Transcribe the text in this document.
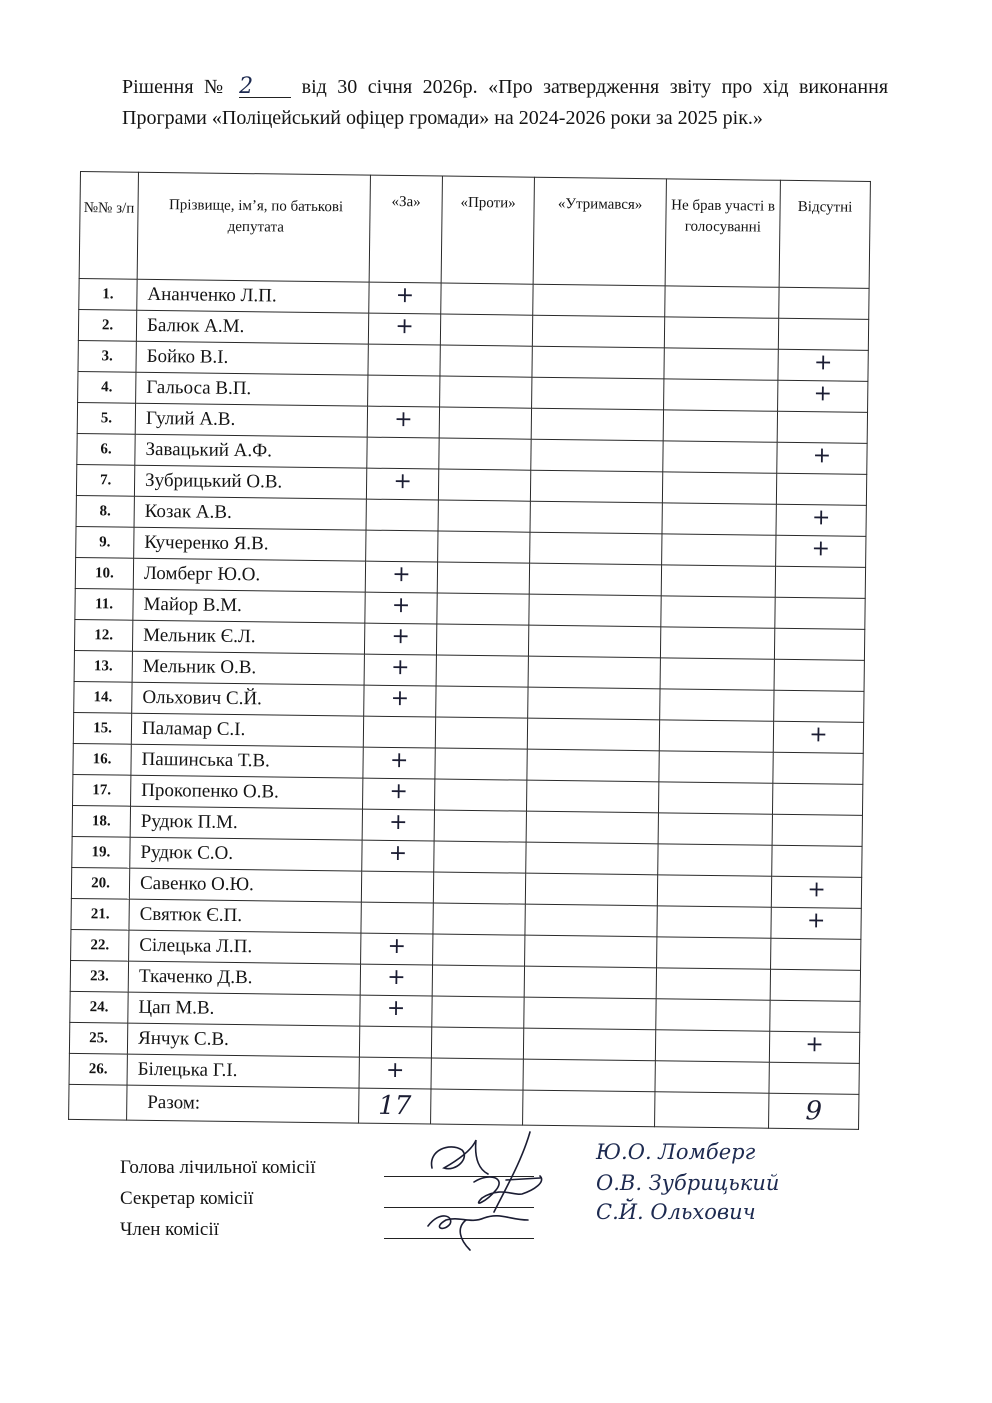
Рішення № 2 від 30 січня 2026р. «Про затвердження звіту про хід виконання Програми «Поліцейський офіцер громади» на 2024-2026 роки за 2025 рік.»
№№ з/п	Прізвище, ім’я, по батькові депутата	«За»	«Проти»	«Утримався»	Не брав участі в голосуванні	Відсутні
1.	Ананченко Л.П.	+				
2.	Балюк А.М.	+				
3.	Бойко В.І.					+
4.	Гальоса В.П.					+
5.	Гулий А.В.	+				
6.	Завацький А.Ф.					+
7.	Зубрицький О.В.	+				
8.	Козак А.В.					+
9.	Кучеренко Я.В.					+
10.	Ломберг Ю.О.	+				
11.	Майор В.М.	+				
12.	Мельник Є.Л.	+				
13.	Мельник О.В.	+				
14.	Ольхович С.Й.	+				
15.	Паламар С.І.					+
16.	Пашинська Т.В.	+				
17.	Прокопенко О.В.	+				
18.	Рудюк П.М.	+				
19.	Рудюк С.О.	+				
20.	Савенко О.Ю.					+
21.	Святюк Є.П.					+
22.	Сілецька Л.П.	+				
23.	Ткаченко Д.В.	+				
24.	Цап М.В.	+				
25.	Янчук С.В.					+
26.	Білецька Г.І.	+				
	Разом:	17				9
Голова лічильної комісії
Секретар комісії
Член комісії
Ю.О. Ломберг
О.В. Зубрицький
С.Й. Ольхович
